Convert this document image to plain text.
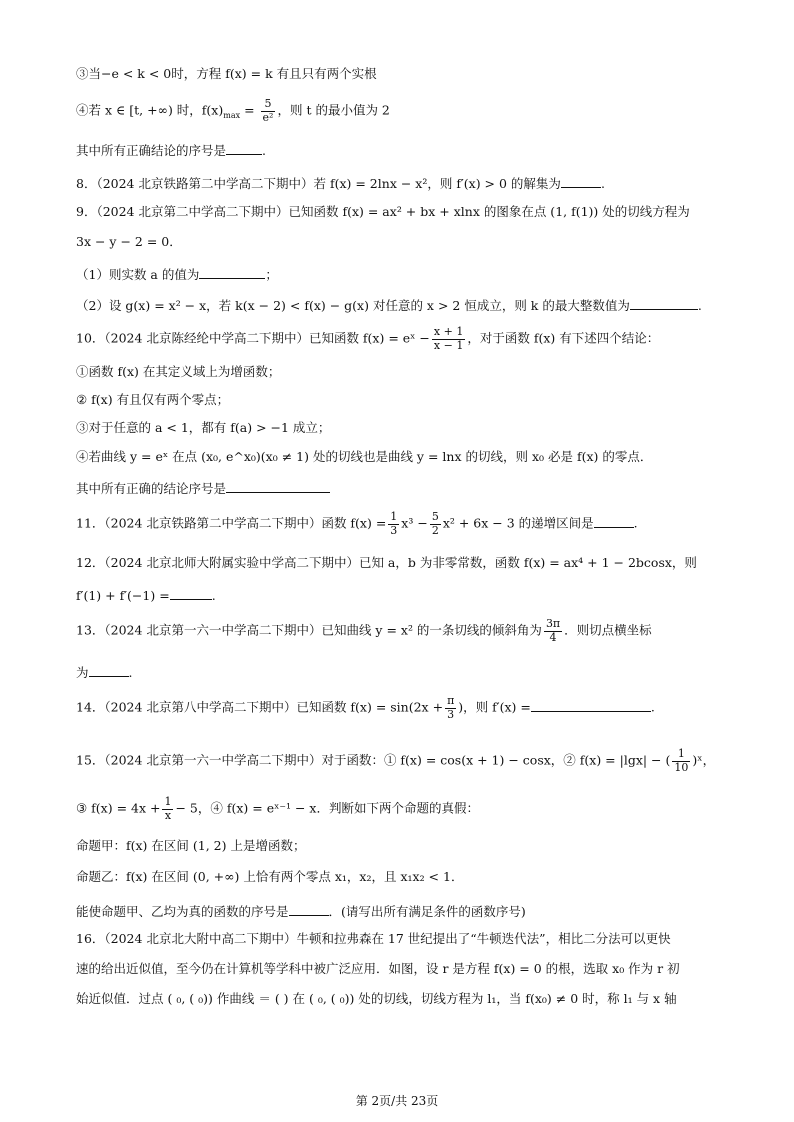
③当−e < k < 0时，方程 f(x) = k 有且只有两个实根
④若 x ∈ [t, +∞) 时，$f(x)_{max} = \frac{5}{\text{e²}}$ ，则 t 的最小值为 2
其中所有正确结论的序号是	.
8．（2024 北京铁路第二中学高二下期中）若 f(x) = 2lnx − x²，则 f′(x) > 0 的解集为	.
9．（2024 北京第二中学高二下期中）已知函数 f(x) = ax² + bx + xlnx 的图象在点 (1, f(1)) 处的切线方程为
3x − y − 2 = 0．
（1）则实数 a 的值为	；
（2）设 g(x) = x² − x，若 k(x − 2) < f(x) − g(x) 对任意的 x > 2 恒成立，则 k 的最大整数值为	.
10．（2024 北京陈经纶中学高二下期中）已知函数 f(x) = eˣ − $\frac{x + 1}{x - 1}$ ，对于函数 f(x) 有下述四个结论：
①函数 f(x) 在其定义域上为增函数；
② f(x) 有且仅有两个零点；
③对于任意的 a < 1，都有 f(a) > −1 成立；
④若曲线 y = eˣ 在点 (x₀, e^x₀)(x₀ ≠ 1) 处的切线也是曲线 y = lnx 的切线，则 x₀ 必是 f(x) 的零点．
其中所有正确的结论序号是
11．（2024 北京铁路第二中学高二下期中）函数 $f(x) = \frac{1}{3} x^3 - \frac{5}{2} x^2 + 6x - 3$ 的递增区间是	.
12．（2024 北京北师大附属实验中学高二下期中）已知 a，b 为非零常数，函数 f(x) = ax⁴ + 1 − 2bcosx，则
f′(1) + f′(−1) =	.
13．（2024 北京第一六一中学高二下期中）已知曲线 y = x² 的一条切线的倾斜角为 $\frac{3\pi}{4}$ ．则切点横坐标
为	.
14．（2024 北京第八中学高二下期中）已知函数 $f(x) = \sin(2x + \frac{\pi}{3}$ )，则 f′(x) =	.
15．（2024 北京第一六一中学高二下期中）对于函数：① f(x) = cos(x + 1) − cosx，② f(x) = |lgx| − ( $\frac{1}{10}$ )ˣ，
③ $f(x) = 4x + \frac{1}{x} - 5$，④ f(x) = eˣ⁻¹ − x．判断如下两个命题的真假：
命题甲：f(x) 在区间 (1, 2) 上是增函数；
命题乙：f(x) 在区间 (0, +∞) 上恰有两个零点 x₁，x₂，且 x₁x₂ < 1．
能使命题甲、乙均为真的函数的序号是	．(请写出所有满足条件的函数序号)
16．（2024 北京北大附中高二下期中）牛顿和拉弗森在 17 世纪提出了“牛顿迭代法”，相比二分法可以更快
速的给出近似值，至今仍在计算机等学科中被广泛应用．如图，设 r 是方程 f(x) = 0 的根，选取 x₀ 作为 r 初
始近似值．过点 ( ₀, ( ₀)) 作曲线 ＝ ( ) 在 ( ₀, ( ₀)) 处的切线，切线方程为 l₁，当 f(x₀) ≠ 0 时，称 l₁ 与 x 轴
第 2页/共 23页
